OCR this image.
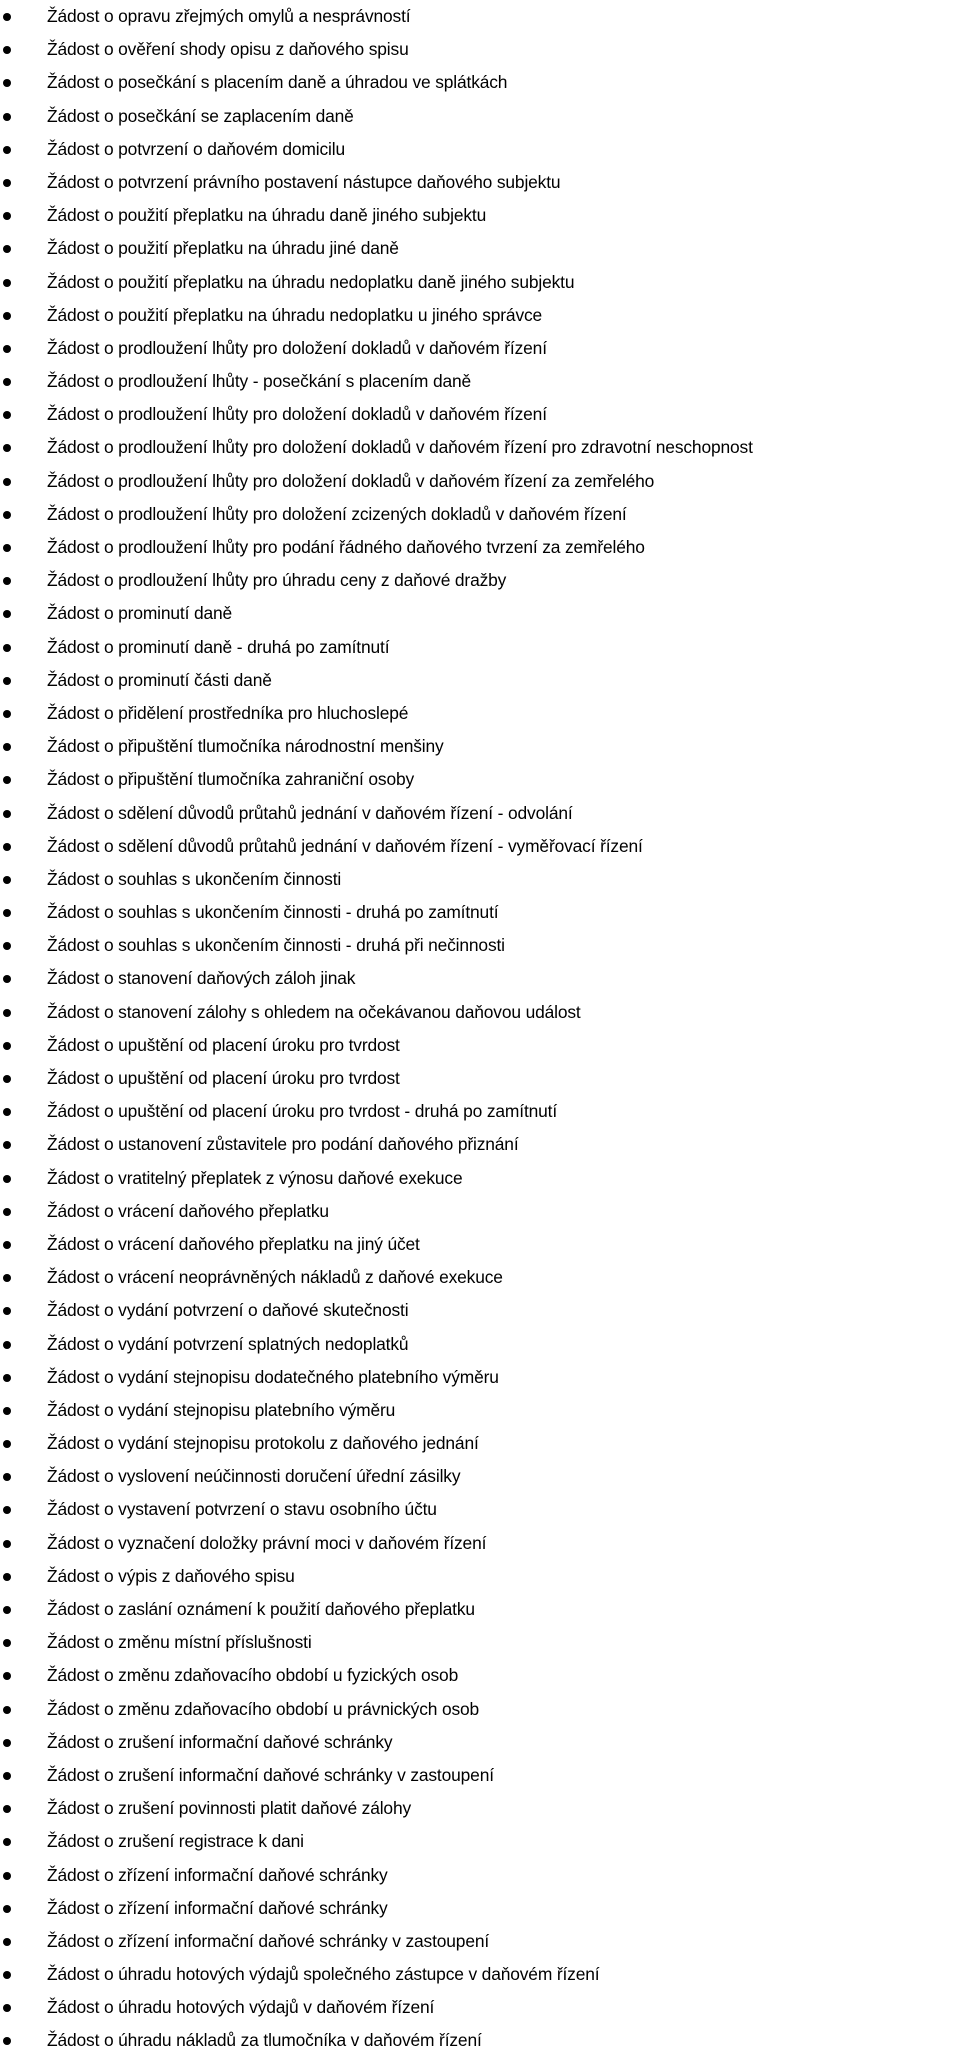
Žádost o opravu zřejmých omylů a nesprávností
Žádost o ověření shody opisu z daňového spisu
Žádost o posečkání s placením daně a úhradou ve splátkách
Žádost o posečkání se zaplacením daně
Žádost o potvrzení o daňovém domicilu
Žádost o potvrzení právního postavení nástupce daňového subjektu
Žádost o použití přeplatku na úhradu daně jiného subjektu
Žádost o použití přeplatku na úhradu jiné daně
Žádost o použití přeplatku na úhradu nedoplatku daně jiného subjektu
Žádost o použití přeplatku na úhradu nedoplatku u jiného správce
Žádost o prodloužení lhůty pro doložení dokladů v daňovém řízení
Žádost o prodloužení lhůty - posečkání s placením daně
Žádost o prodloužení lhůty pro doložení dokladů v daňovém řízení
Žádost o prodloužení lhůty pro doložení dokladů v daňovém řízení pro zdravotní neschopnost
Žádost o prodloužení lhůty pro doložení dokladů v daňovém řízení za zemřelého
Žádost o prodloužení lhůty pro doložení zcizených dokladů v daňovém řízení
Žádost o prodloužení lhůty pro podání řádného daňového tvrzení za zemřelého
Žádost o prodloužení lhůty pro úhradu ceny z daňové dražby
Žádost o prominutí daně
Žádost o prominutí daně - druhá po zamítnutí
Žádost o prominutí části daně
Žádost o přidělení prostředníka pro hluchoslepé
Žádost o připuštění tlumočníka národnostní menšiny
Žádost o připuštění tlumočníka zahraniční osoby
Žádost o sdělení důvodů průtahů jednání v daňovém řízení - odvolání
Žádost o sdělení důvodů průtahů jednání v daňovém řízení - vyměřovací řízení
Žádost o souhlas s ukončením činnosti
Žádost o souhlas s ukončením činnosti - druhá po zamítnutí
Žádost o souhlas s ukončením činnosti - druhá při nečinnosti
Žádost o stanovení daňových záloh jinak
Žádost o stanovení zálohy s ohledem na očekávanou daňovou událost
Žádost o upuštění od placení úroku pro tvrdost
Žádost o upuštění od placení úroku pro tvrdost
Žádost o upuštění od placení úroku pro tvrdost - druhá po zamítnutí
Žádost o ustanovení zůstavitele pro podání daňového přiznání
Žádost o vratitelný přeplatek z výnosu daňové exekuce
Žádost o vrácení daňového přeplatku
Žádost o vrácení daňového přeplatku na jiný účet
Žádost o vrácení neoprávněných nákladů z daňové exekuce
Žádost o vydání potvrzení o daňové skutečnosti
Žádost o vydání potvrzení splatných nedoplatků
Žádost o vydání stejnopisu dodatečného platebního výměru
Žádost o vydání stejnopisu platebního výměru
Žádost o vydání stejnopisu protokolu z daňového jednání
Žádost o vyslovení neúčinnosti doručení úřední zásilky
Žádost o vystavení potvrzení o stavu osobního účtu
Žádost o vyznačení doložky právní moci v daňovém řízení
Žádost o výpis z daňového spisu
Žádost o zaslání oznámení k použití daňového přeplatku
Žádost o změnu místní příslušnosti
Žádost o změnu zdaňovacího období u fyzických osob
Žádost o změnu zdaňovacího období u právnických osob
Žádost o zrušení informační daňové schránky
Žádost o zrušení informační daňové schránky v zastoupení
Žádost o zrušení povinnosti platit daňové zálohy
Žádost o zrušení registrace k dani
Žádost o zřízení informační daňové schránky
Žádost o zřízení informační daňové schránky
Žádost o zřízení informační daňové schránky v zastoupení
Žádost o úhradu hotových výdajů společného zástupce v daňovém řízení
Žádost o úhradu hotových výdajů v daňovém řízení
Žádost o úhradu nákladů za tlumočníka v daňovém řízení
